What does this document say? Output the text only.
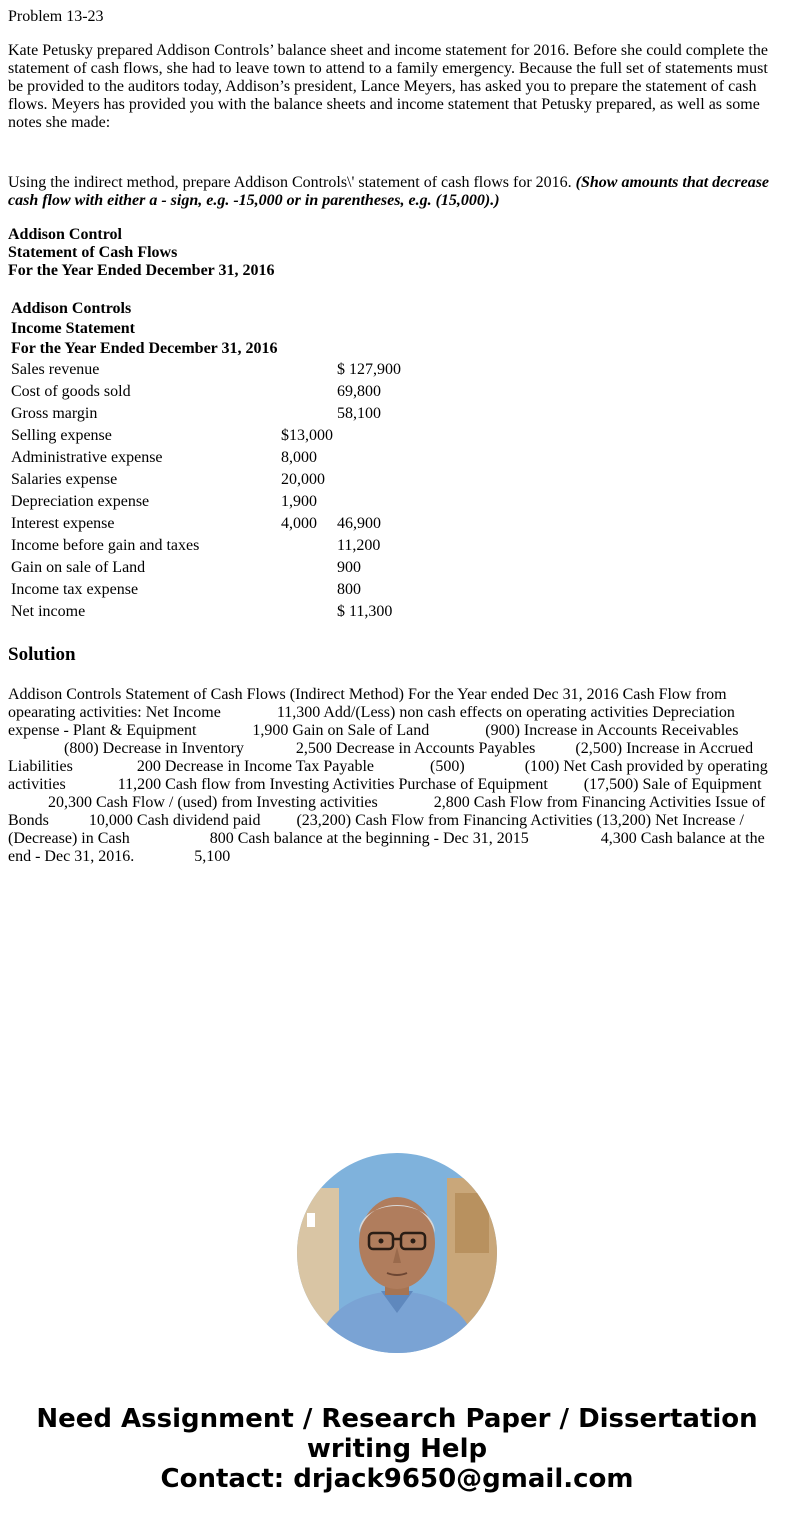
Problem 13-23

Kate Petusky prepared Addison Controls’ balance sheet and income statement for 2016. Before she could complete the statement of cash flows, she had to leave town to attend to a family emergency. Because the full set of statements must be provided to the auditors today, Addison’s president, Lance Meyers, has asked you to prepare the statement of cash flows. Meyers has provided you with the balance sheets and income statement that Petusky prepared, as well as some notes she made:

Using the indirect method, prepare Addison Controls\' statement of cash flows for 2016. (Show amounts that decrease cash flow with either a - sign, e.g. -15,000 or in parentheses, e.g. (15,000).)

Addison Control
Statement of Cash Flows
For the Year Ended December 31, 2016
Addison Controls		
Income Statement		
For the Year Ended December 31, 2016		
Sales revenue		$ 127,900
Cost of goods sold		69,800
Gross margin		58,100
Selling expense	$13,000	
Administrative expense	8,000	
Salaries expense	20,000	
Depreciation expense	1,900	
Interest expense	4,000	46,900
Income before gain and taxes		11,200
Gain on sale of Land		900
Income tax expense		800
Net income		$ 11,300
Solution

Addison Controls Statement of Cash Flows (Indirect Method) For the Year ended Dec 31, 2016 Cash Flow from opearating activities: Net Income	11,300 Add/(Less) non cash effects on operating activities Depreciation expense - Plant & Equipment	1,900 Gain on Sale of Land	(900) Increase in Accounts Receivables              (800) Decrease in Inventory	2,500 Decrease in Accounts Payables	(2,500) Increase in Accrued Liabilities	200 Decrease in Income Tax Payable	(500)	(100) Net Cash provided by operating activities	11,200 Cash flow from Investing Activities Purchase of Equipment (17,500) Sale of Equipment          20,300 Cash Flow / (used) from Investing activities	2,800 Cash Flow from Financing Activities Issue of Bonds	10,000 Cash dividend paid (23,200) Cash Flow from Financing Activities (13,200) Net Increase / (Decrease) in Cash	800 Cash balance at the beginning - Dec 31, 2015	4,300 Cash balance at the end - Dec 31, 2016.	5,100

Need Assignment / Research Paper / Dissertation
writing Help
Contact: drjack9650@gmail.com
